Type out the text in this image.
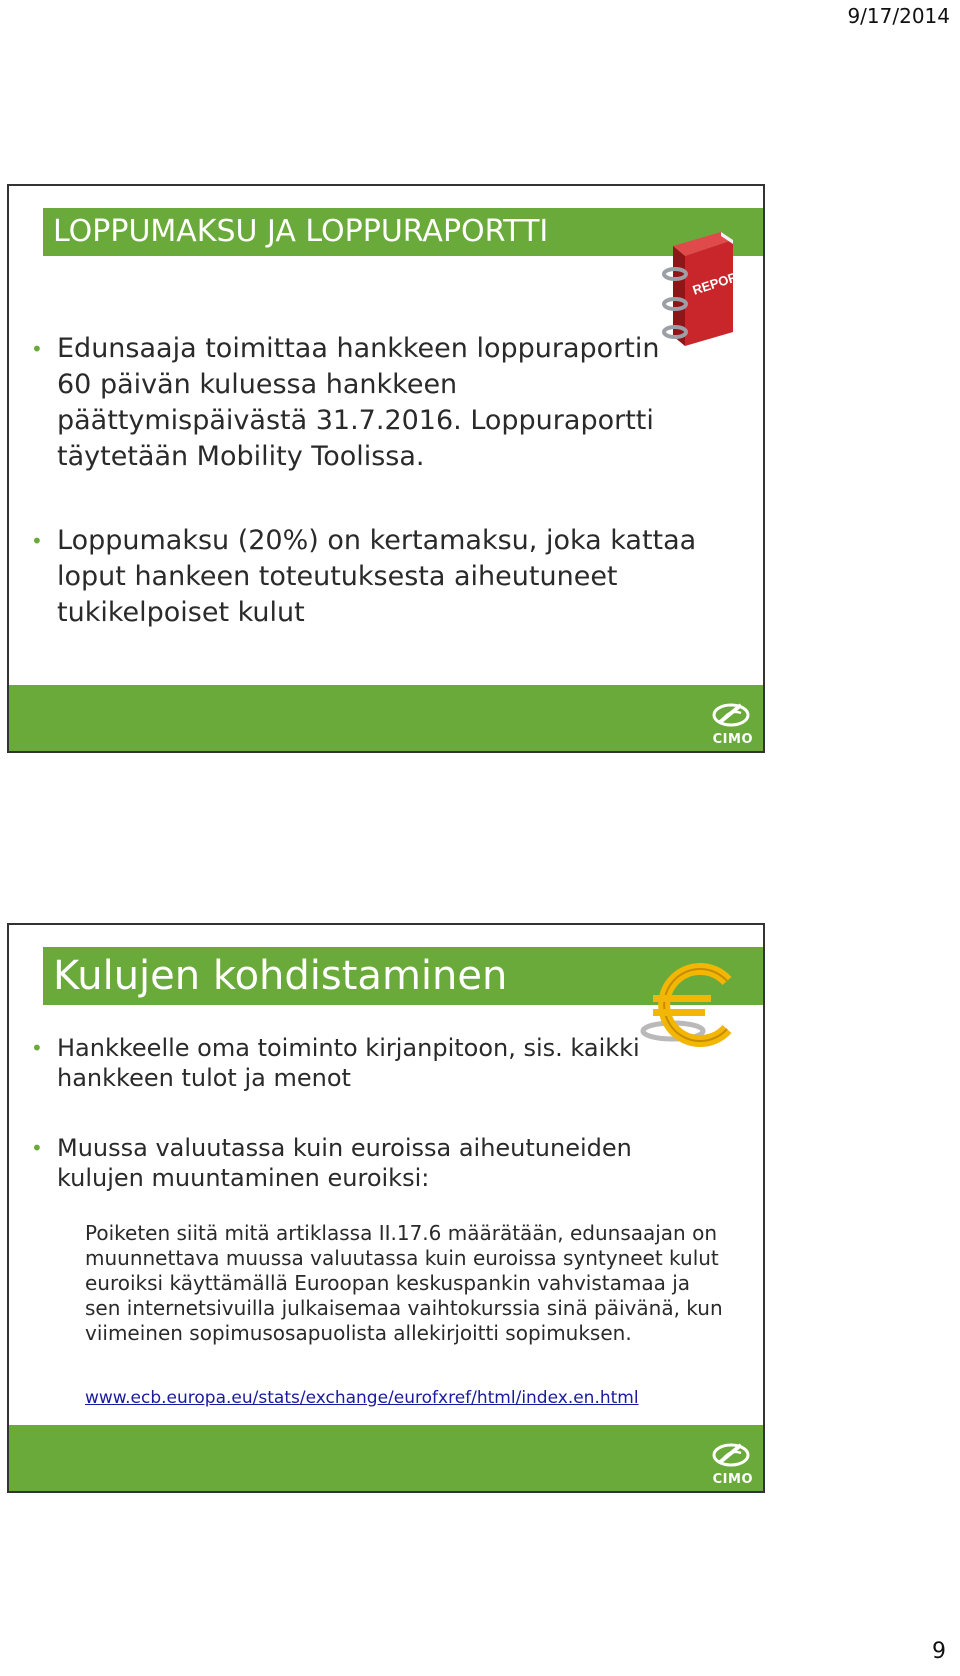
9/17/2014
LOPPUMAKSU JA LOPPURAPORTTI
REPORT
• Edunsaaja toimittaa hankkeen loppuraportin 60 päivän kuluessa hankkeen päättymispäivästä 31.7.2016. Loppuraportti täytetään Mobility Toolissa.
• Loppumaksu (20%) on kertamaksu, joka kattaa loput hankeen toteutuksesta aiheutuneet tukikelpoiset kulut
CIMO
Kulujen kohdistaminen
• Hankkeelle oma toiminto kirjanpitoon, sis. kaikki hankkeen tulot ja menot
• Muussa valuutassa kuin euroissa aiheutuneiden kulujen muuntaminen euroiksi:
Poiketen siitä mitä artiklassa II.17.6 määrätään, edunsaajan on muunnettava muussa valuutassa kuin euroissa syntyneet kulut euroiksi käyttämällä Euroopan keskuspankin vahvistamaa ja sen internetsivuilla julkaisemaa vaihtokurssia sinä päivänä, kun viimeinen sopimusosapuolista allekirjoitti sopimuksen.
www.ecb.europa.eu/stats/exchange/eurofxref/html/index.en.html
CIMO
9
